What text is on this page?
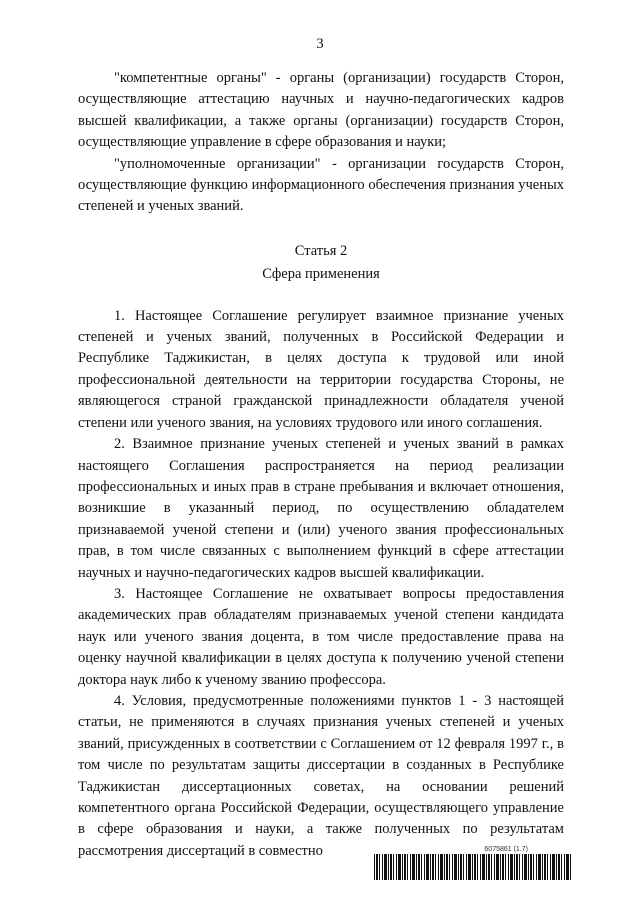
3

"компетентные органы" - органы (организации) государств Сторон, осуществляющие аттестацию научных и научно-педагогических кадров высшей квалификации, а также органы (организации) государств Сторон, осуществляющие управление в сфере образования и науки;

"уполномоченные организации" - организации государств Сторон, осуществляющие функцию информационного обеспечения признания ученых степеней и ученых званий.

Статья 2

Сфера применения

1. Настоящее Соглашение регулирует взаимное признание ученых степеней и ученых званий, полученных в Российской Федерации и Республике Таджикистан, в целях доступа к трудовой или иной профессиональной деятельности на территории государства Стороны, не являющегося страной гражданской принадлежности обладателя ученой степени или ученого звания, на условиях трудового или иного соглашения.

2. Взаимное признание ученых степеней и ученых званий в рамках настоящего Соглашения распространяется на период реализации профессиональных и иных прав в стране пребывания и включает отношения, возникшие в указанный период, по осуществлению обладателем признаваемой ученой степени и (или) ученого звания профессиональных прав, в том числе связанных с выполнением функций в сфере аттестации научных и научно-педагогических кадров высшей квалификации.

3. Настоящее Соглашение не охватывает вопросы предоставления академических прав обладателям признаваемых ученой степени кандидата наук или ученого звания доцента, в том числе предоставление права на оценку научной квалификации в целях доступа к получению ученой степени доктора наук либо к ученому званию профессора.

4. Условия, предусмотренные положениями пунктов 1 - 3 настоящей статьи, не применяются в случаях признания ученых степеней и ученых званий, присужденных в соответствии с Соглашением от 12 февраля 1997 г., в том числе по результатам защиты диссертации в созданных в Республике Таджикистан диссертационных советах, на основании решений компетентного органа Российской Федерации, осуществляющего управление в сфере образования и науки, а также полученных по результатам рассмотрения диссертаций в совместно	6075861 (1.7)
